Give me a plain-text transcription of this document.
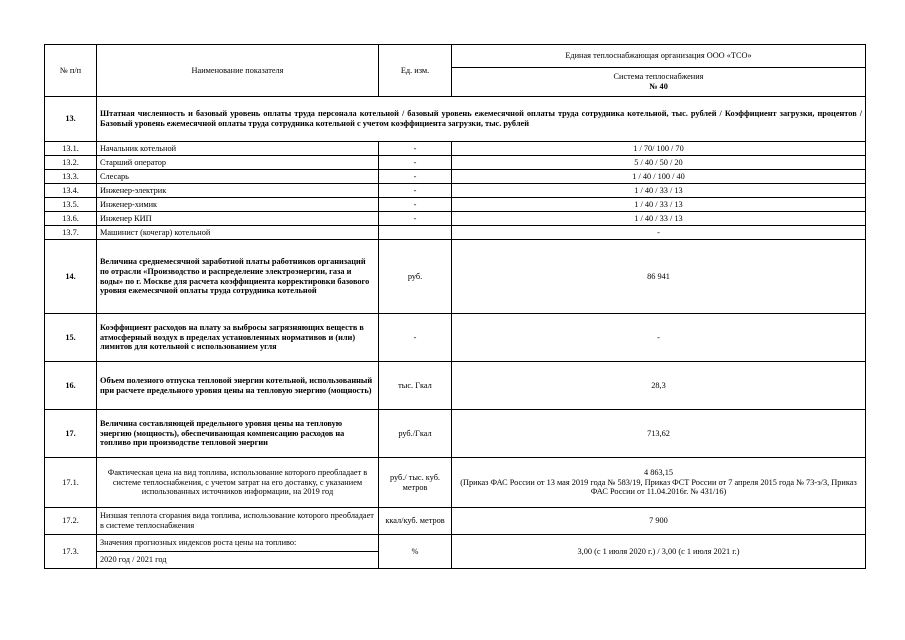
№ п/п	Наименование показателя	Ед. изм.	Единая теплоснабжающая организация ООО «ТСО»

			Система теплоснабжения
№ 40

13.	Штатная численность и базовый уровень оплаты труда персонала котельной / базовый уровень ежемесячной оплаты труда сотрудника котельной, тыс. рублей / Коэффициент загрузки, процентов / Базовый уровень ежемесячной оплаты труда сотрудника котельной с учетом коэффициента загрузки, тыс. рублей		
13.1.	Начальник котельной	-	1 / 70/ 100 / 70
13.2.	Старший оператор	-	5 / 40 / 50 / 20
13.3.	Слесарь	-	1 / 40 / 100 / 40
13.4.	Инженер-электрик	-	1 / 40 / 33 / 13
13.5.	Инженер-химик	-	1 / 40 / 33 / 13
13.6.	Инженер КИП	-	1 / 40 / 33 / 13
13.7.	Машинист (кочегар) котельной		-
14.	Величина среднемесячной заработной платы работников организаций по отрасли «Производство и распределение электроэнергии, газа и воды» по г. Москве для расчета коэффициента корректировки базового уровня ежемесячной оплаты труда сотрудника котельной	руб.	86 941
15.	Коэффициент расходов на плату за выбросы загрязняющих веществ в атмосферный воздух в пределах установленных нормативов и (или) лимитов для котельной с использованием угля	-	-
16.	Объем полезного отпуска тепловой энергии котельной, использованный при расчете предельного уровня цены на тепловую энергию (мощность)	тыс. Гкал	28,3
17.	Величина составляющей предельного уровня цены на тепловую энергию (мощность), обеспечивающая компенсацию расходов на топливо при производстве тепловой энергии	руб./Гкал	713,62
17.1.	Фактическая цена на вид топлива, использование которого преобладает в системе теплоснабжения, с учетом затрат на его доставку, с указанием использованных источников информации, на 2019 год	руб./ тыс. куб. метров	4 863,15
(Приказ ФАС России от 13 мая 2019 года № 583/19, Приказ ФСТ России от 7 апреля 2015 года № 73-э/3, Приказ ФАС России от 11.04.2016г. № 431/16)

17.2.	Низшая теплота сгорания вида топлива, использование которого преобладает в системе теплоснабжения	ккал/куб. метров	7 900
17.3.	Значения прогнозных индексов роста цены на топливо:	%	3,00 (с 1 июля 2020 г.) / 3,00 (с 1 июля 2021 г.)
	2020 год / 2021 год		
